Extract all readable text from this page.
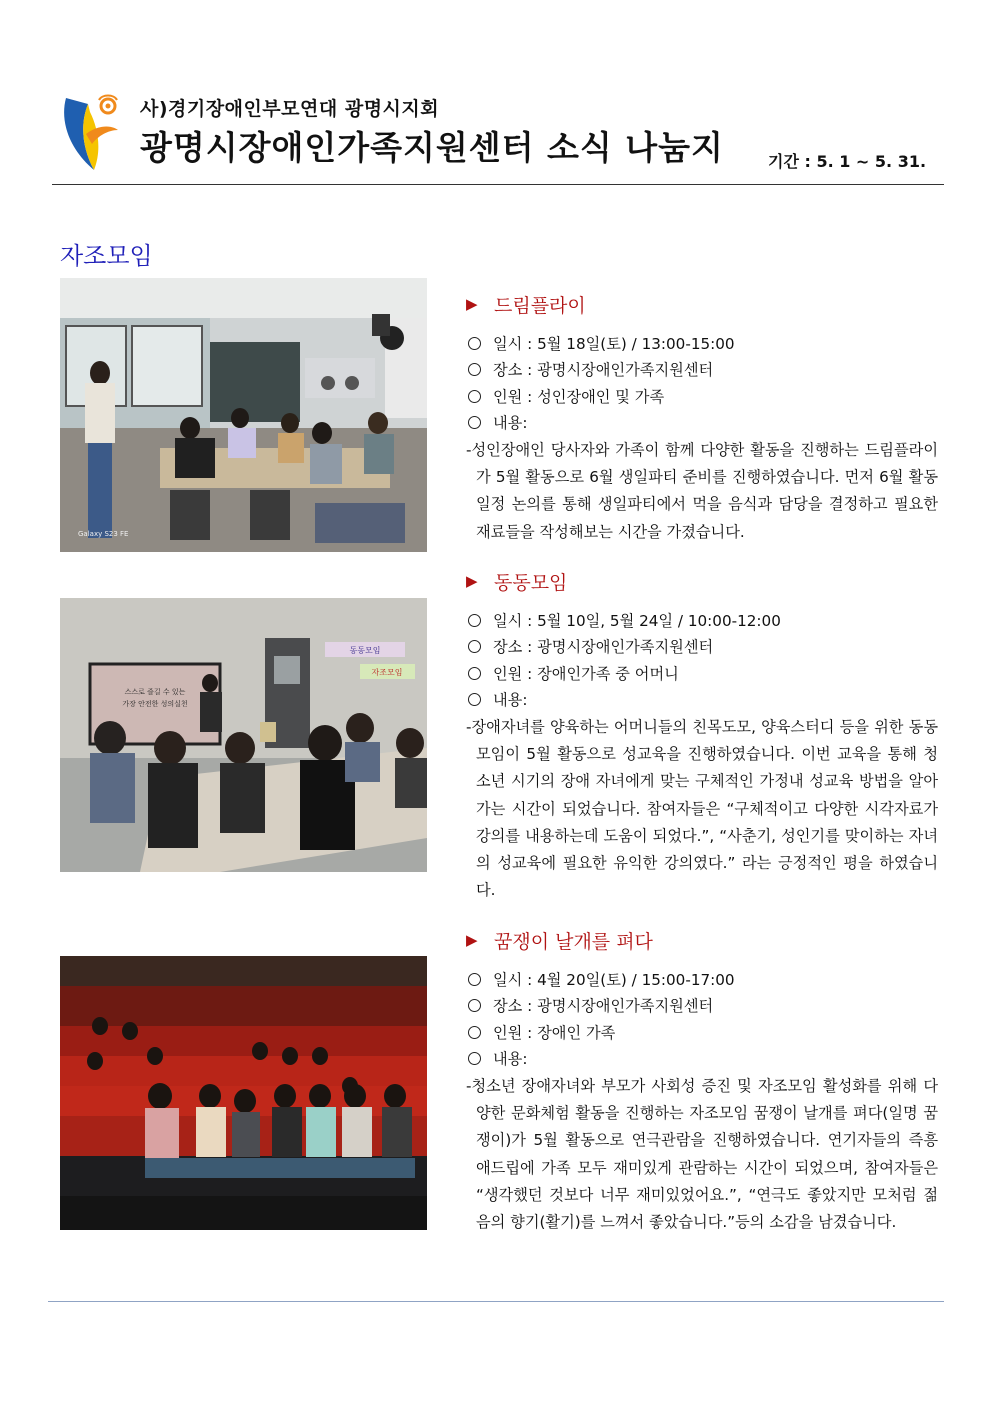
사)경기장애인부모연대 광명시지회
광명시장애인가족지원센터 소식 나눔지	기간 : 5. 1 ~ 5. 31.
자조모임
Galaxy S23 FE
스스로 즐길 수 있는
가장 안전한 성의실천
동동모임
자조모임
▶ 드림플라이
일시 : 5월 18일(토) / 13:00-15:00
장소 : 광명시장애인가족지원센터
인원 : 성인장애인 및 가족
내용:
-성인장애인 당사자와 가족이 함께 다양한 활동을 진행하는 드림플라이가 5월 활동으로 6월 생일파티 준비를 진행하였습니다. 먼저 6월 활동 일정 논의를 통해 생일파티에서 먹을 음식과 담당을 결정하고 필요한 재료들을 작성해보는 시간을 가졌습니다.
▶ 동동모임
일시 : 5월 10일, 5월 24일 / 10:00-12:00
장소 : 광명시장애인가족지원센터
인원 : 장애인가족 중 어머니
내용:
-장애자녀를 양육하는 어머니들의 친목도모, 양육스터디 등을 위한 동동모임이 5월 활동으로 성교육을 진행하였습니다. 이번 교육을 통해 청소년 시기의 장애 자녀에게 맞는 구체적인 가정내 성교육 방법을 알아가는 시간이 되었습니다. 참여자들은 “구체적이고 다양한 시각자료가 강의를 내용하는데 도움이 되었다.”, “사춘기, 성인기를 맞이하는 자녀의 성교육에 필요한 유익한 강의였다.” 라는 긍정적인 평을 하였습니다.
▶ 꿈쟁이 날개를 펴다
일시 : 4월 20일(토) / 15:00-17:00
장소 : 광명시장애인가족지원센터
인원 : 장애인 가족
내용:
-청소년 장애자녀와 부모가 사회성 증진 및 자조모임 활성화를 위해 다양한 문화체험 활동을 진행하는 자조모임 꿈쟁이 날개를 펴다(일명 꿈쟁이)가 5월 활동으로 연극관람을 진행하였습니다. 연기자들의 즉흥 애드립에 가족 모두 재미있게 관람하는 시간이 되었으며, 참여자들은 “생각했던 것보다 너무 재미있었어요.”, “연극도 좋았지만 모처럼 젊음의 향기(활기)를 느껴서 좋았습니다.”등의 소감을 남겼습니다.
